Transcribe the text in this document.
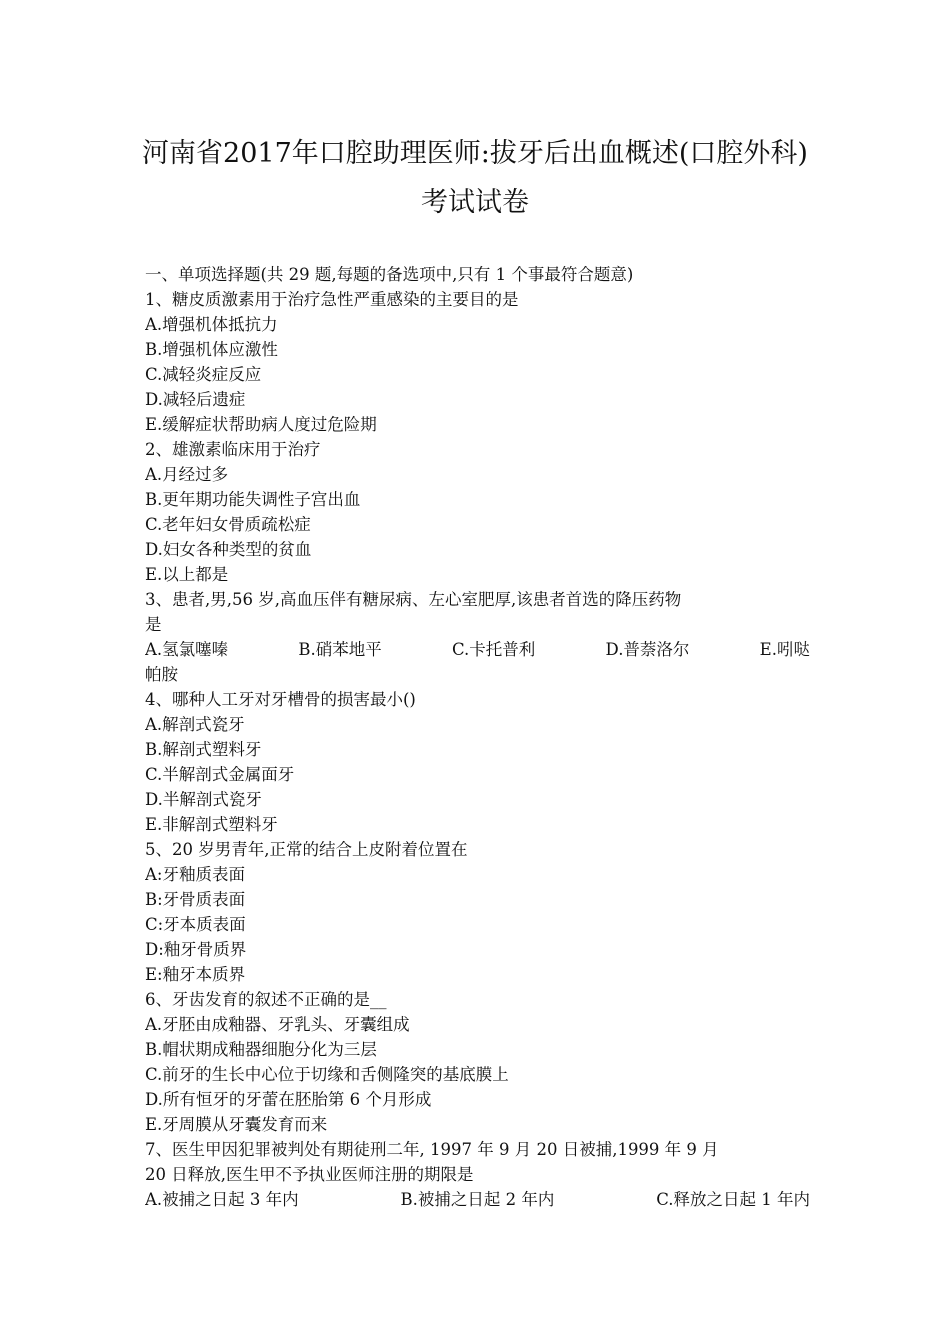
河南省2017年口腔助理医师:拔牙后出血概述(口腔外科)
考试试卷
一、单项选择题(共 29 题,每题的备选项中,只有 1 个事最符合题意)
1、糖皮质激素用于治疗急性严重感染的主要目的是
A.增强机体抵抗力
B.增强机体应激性
C.减轻炎症反应
D.减轻后遗症
E.缓解症状帮助病人度过危险期
2、雄激素临床用于治疗
A.月经过多
B.更年期功能失调性子宫出血
C.老年妇女骨质疏松症
D.妇女各种类型的贫血
E.以上都是
3、患者,男,56 岁,高血压伴有糖尿病、左心室肥厚,该患者首选的降压药物
是
A.氢氯噻嗪	B.硝苯地平	C.卡托普利	D.普萘洛尔	E.吲哒
帕胺
4、哪种人工牙对牙槽骨的损害最小()
A.解剖式瓷牙
B.解剖式塑料牙
C.半解剖式金属面牙
D.半解剖式瓷牙
E.非解剖式塑料牙
5、20 岁男青年,正常的结合上皮附着位置在
A:牙釉质表面
B:牙骨质表面
C:牙本质表面
D:釉牙骨质界
E:釉牙本质界
6、牙齿发育的叙述不正确的是__
A.牙胚由成釉器、牙乳头、牙囊组成
B.帽状期成釉器细胞分化为三层
C.前牙的生长中心位于切缘和舌侧隆突的基底膜上
D.所有恒牙的牙蕾在胚胎第 6 个月形成
E.牙周膜从牙囊发育而来
7、医生甲因犯罪被判处有期徒刑二年, 1997 年 9 月 20 日被捕,1999 年 9 月
20 日释放,医生甲不予执业医师注册的期限是
A.被捕之日起 3 年内	B.被捕之日起 2 年内	C.释放之日起 1 年内
